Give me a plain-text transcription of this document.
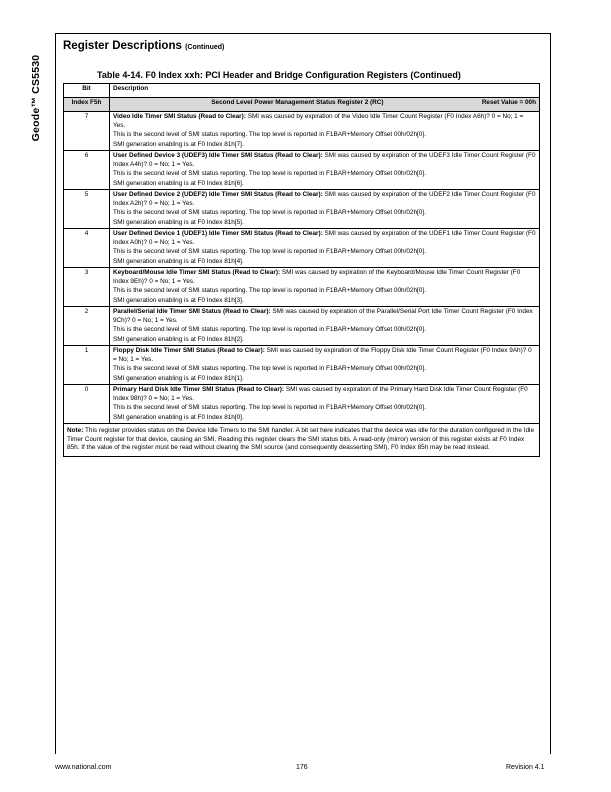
Geode™ CS5530
Register Descriptions (Continued)
Table 4-14. F0 Index xxh: PCI Header and Bridge Configuration Registers (Continued)
Bit	Description
Index F5h	Second Level Power Management Status Register 2 (RC) Reset Value = 00h

7	Video Idle Timer SMI Status (Read to Clear): SMI was caused by expiration of the Video Idle Timer Count Register (F0 Index A6h)? 0 = No; 1 = Yes.
This is the second level of SMI status reporting. The top level is reported in F1BAR+Memory Offset 00h/02h[0].
SMI generation enabling is at F0 Index 81h[7].

6	User Defined Device 3 (UDEF3) Idle Timer SMI Status (Read to Clear): SMI was caused by expiration of the UDEF3 Idle Timer Count Register (F0 Index A4h)? 0 = No; 1 = Yes.
This is the second level of SMI status reporting. The top level is reported in F1BAR+Memory Offset 00h/02h[0].
SMI generation enabling is at F0 Index 81h[6].

5	User Defined Device 2 (UDEF2) Idle Timer SMI Status (Read to Clear): SMI was caused by expiration of the UDEF2 Idle Timer Count Register (F0 Index A2h)? 0 = No; 1 = Yes.
This is the second level of SMI status reporting. The top level is reported in F1BAR+Memory Offset 00h/02h[0].
SMI generation enabling is at F0 Index 81h[5].

4	User Defined Device 1 (UDEF1) Idle Timer SMI Status (Read to Clear): SMI was caused by expiration of the UDEF1 Idle Timer Count Register (F0 Index A0h)? 0 = No; 1 = Yes.
This is the second level of SMI status reporting. The top level is reported in F1BAR+Memory Offset 00h/02h[0].
SMI generation enabling is at F0 Index 81h[4].

3	Keyboard/Mouse Idle Timer SMI Status (Read to Clear): SMI was caused by expiration of the Keyboard/Mouse Idle Timer Count Register (F0 Index 9Eh)? 0 = No; 1 = Yes.
This is the second level of SMI status reporting. The top level is reported in F1BAR+Memory Offset 00h/02h[0].
SMI generation enabling is at F0 Index 81h[3].

2	Parallel/Serial Idle Timer SMI Status (Read to Clear): SMI was caused by expiration of the Parallel/Serial Port Idle Timer Count Register (F0 Index 9Ch)? 0 = No; 1 = Yes.
This is the second level of SMI status reporting. The top level is reported in F1BAR+Memory Offset 00h/02h[0].
SMI generation enabling is at F0 Index 81h[2].

1	Floppy Disk Idle Timer SMI Status (Read to Clear): SMI was caused by expiration of the Floppy Disk Idle Timer Count Register (F0 Index 9Ah)? 0 = No; 1 = Yes.
This is the second level of SMI status reporting. The top level is reported in F1BAR+Memory Offset 00h/02h[0].
SMI generation enabling is at F0 Index 81h[1].

0	Primary Hard Disk Idle Timer SMI Status (Read to Clear): SMI was caused by expiration of the Primary Hard Disk Idle Timer Count Register (F0 Index 98h)? 0 = No; 1 = Yes.
This is the second level of SMI status reporting. The top level is reported in F1BAR+Memory Offset 00h/02h[0].
SMI generation enabling is at F0 Index 81h[0].

Note: This register provides status on the Device Idle Timers to the SMI handler. A bit set here indicates that the device was idle for the duration configured in the Idle Timer Count register for that device, causing an SMI. Reading this register clears the SMI status bits. A read-only (mirror) version of this register exists at F0 Index 85h. If the value of the register must be read without clearing the SMI source (and consequently deasserting SMI), F0 Index 85h may be read instead.	
www.national.com	176	Revision 4.1
